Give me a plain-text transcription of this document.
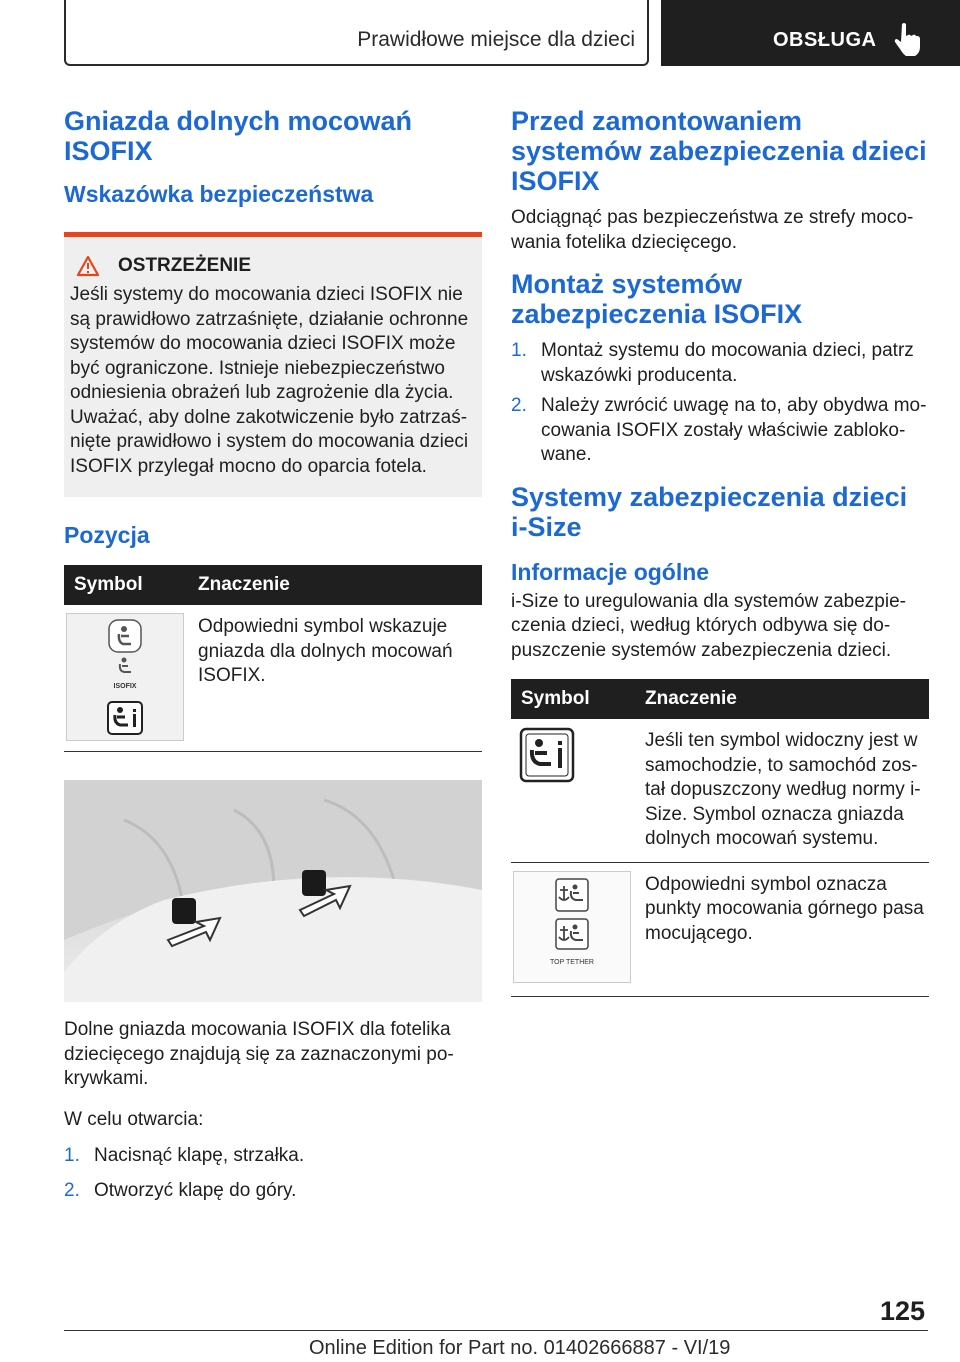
Prawidłowe miejsce dla dzieci	OBSŁUGA
Gniazda dolnych mocowań ISOFIX
Wskazówka bezpieczeństwa
OSTRZEŻENIE

Jeśli systemy do mocowania dzieci ISOFIX nie są prawidłowo zatrzaśnięte, działanie ochronne systemów do mocowania dzieci ISOFIX może być ograniczone. Istnieje niebezpieczeństwo odniesienia obrażeń lub zagrożenie dla życia. Uważać, aby dolne zakotwiczenie było zatrzaśnięte prawidłowo i system do mocowania dzieci ISOFIX przylegał mocno do oparcia fotela.

Pozycja
Symbol	Znaczenie

ISOFIX	Odpowiedni symbol wskazuje gniazda dla dolnych mocowań ISOFIX.

Dolne gniazda mocowania ISOFIX dla fotelika dziecięcego znajdują się za zaznaczonymi pokrywkami.

W celu otwarcia:

1. Nacisnąć klapę, strzałka.
2. Otworzyć klapę do góry.
Przed zamontowaniem systemów zabezpieczenia dzieci ISOFIX

Odciągnąć pas bezpieczeństwa ze strefy mocowania fotelika dziecięcego.

Montaż systemów zabezpieczenia ISOFIX
1. Montaż systemu do mocowania dzieci, patrz wskazówki producenta.
2. Należy zwrócić uwagę na to, aby obydwa mocowania ISOFIX zostały właściwie zablokowane.
Systemy zabezpieczenia dzieci i-Size
Informacje ogólne

i-Size to uregulowania dla systemów zabezpieczenia dzieci, według których odbywa się dopuszczenie systemów zabezpieczenia dzieci.

Symbol	Znaczenie
	Jeśli ten symbol widoczny jest w samochodzie, to samochód został dopuszczony według normy i-Size. Symbol oznacza gniazda dolnych mocowań systemu.

TOP TETHER	Odpowiedni symbol oznacza punkty mocowania górnego pasa mocującego.
125
Online Edition for Part no. 01402666887 - VI/19
